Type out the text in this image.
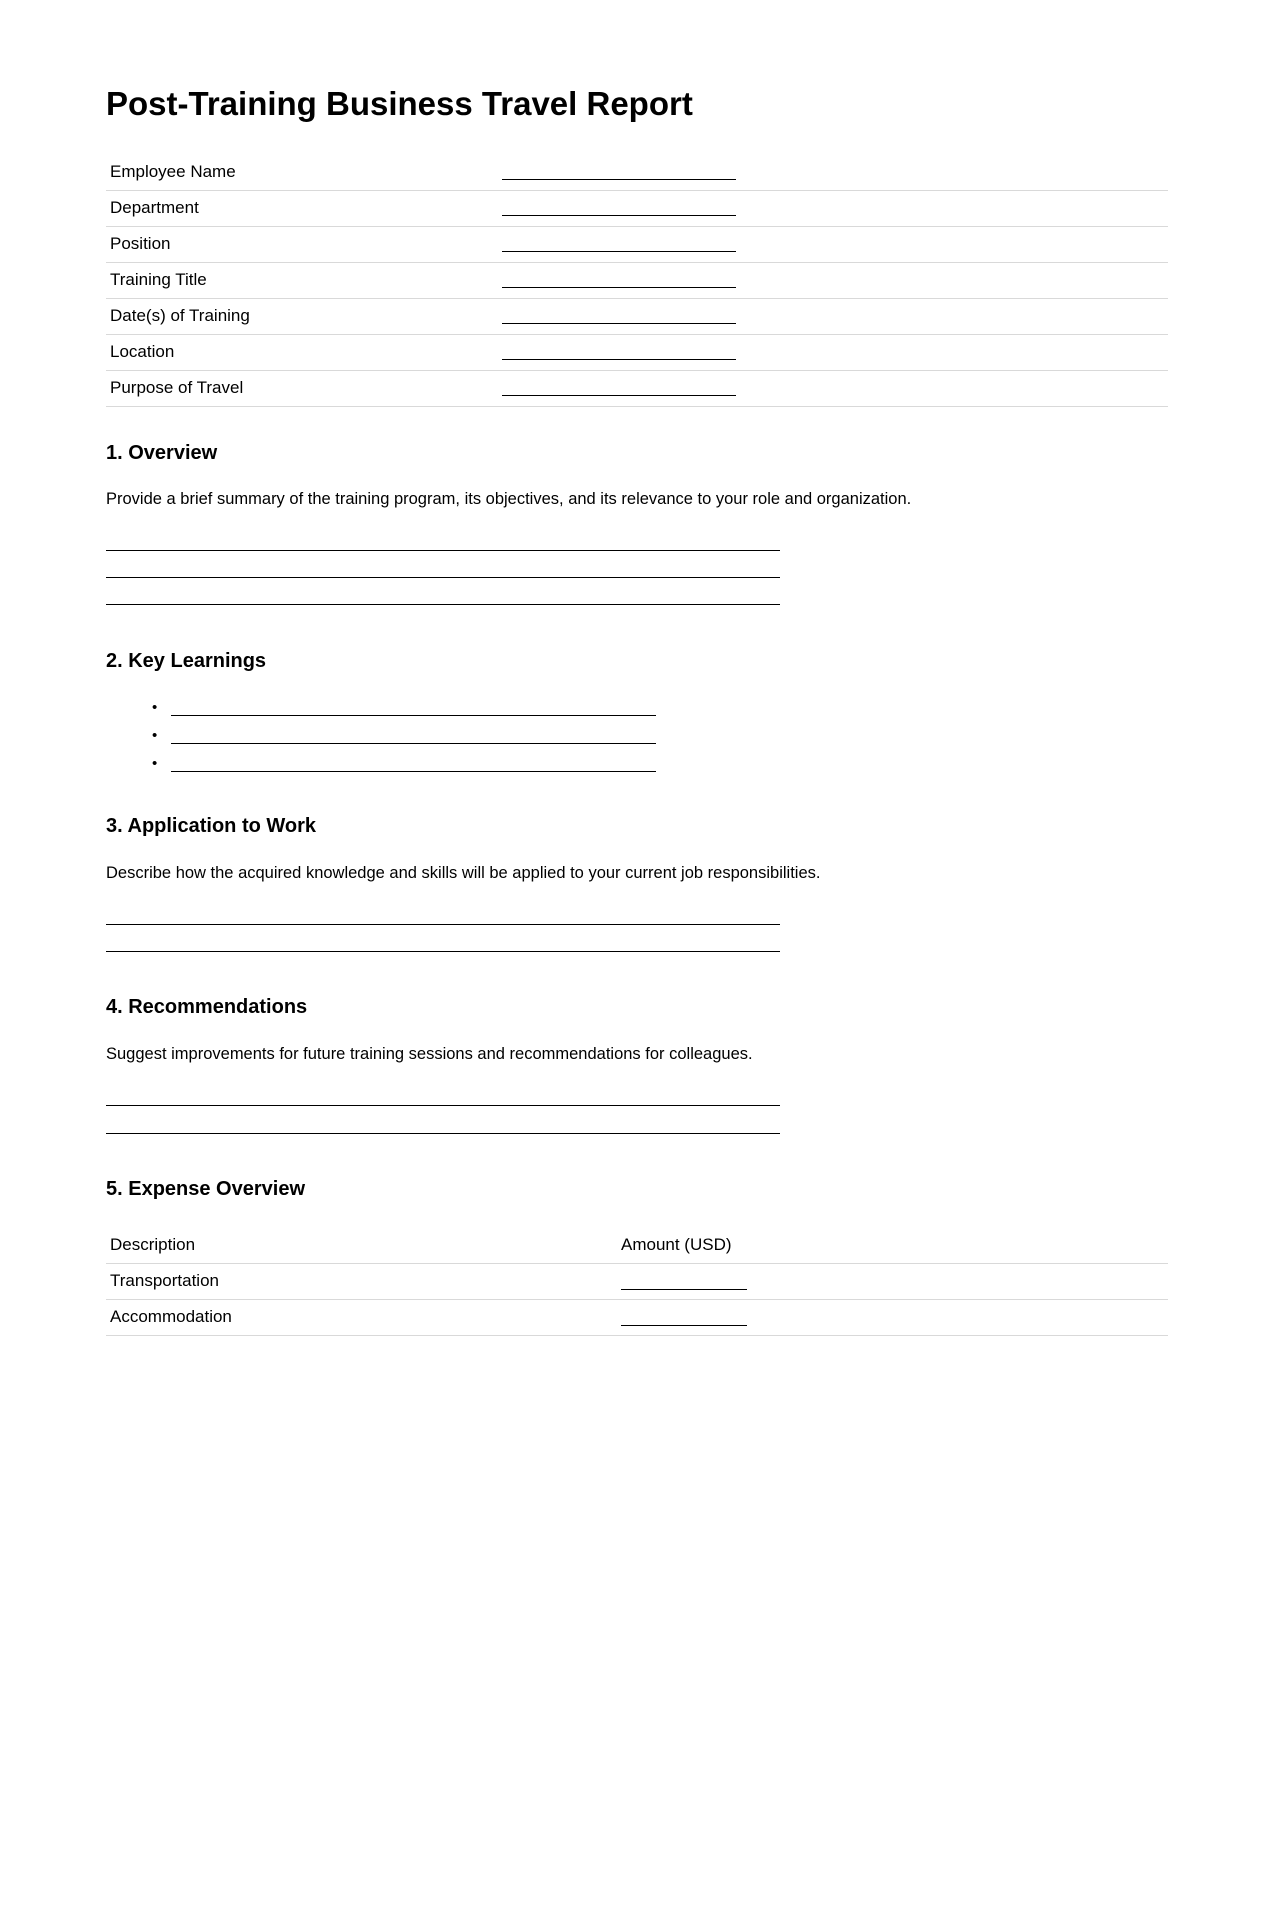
Post-Training Business Travel Report
Employee Name
Department
Position
Training Title
Date(s) of Training
Location
Purpose of Travel
1. Overview

Provide a brief summary of the training program, its objectives, and its relevance to your role and organization.

2. Key Learnings
•
•
•
3. Application to Work

Describe how the acquired knowledge and skills will be applied to your current job responsibilities.

4. Recommendations

Suggest improvements for future training sessions and recommendations for colleagues.

5. Expense Overview
Description	Amount (USD)
Transportation
Accommodation
